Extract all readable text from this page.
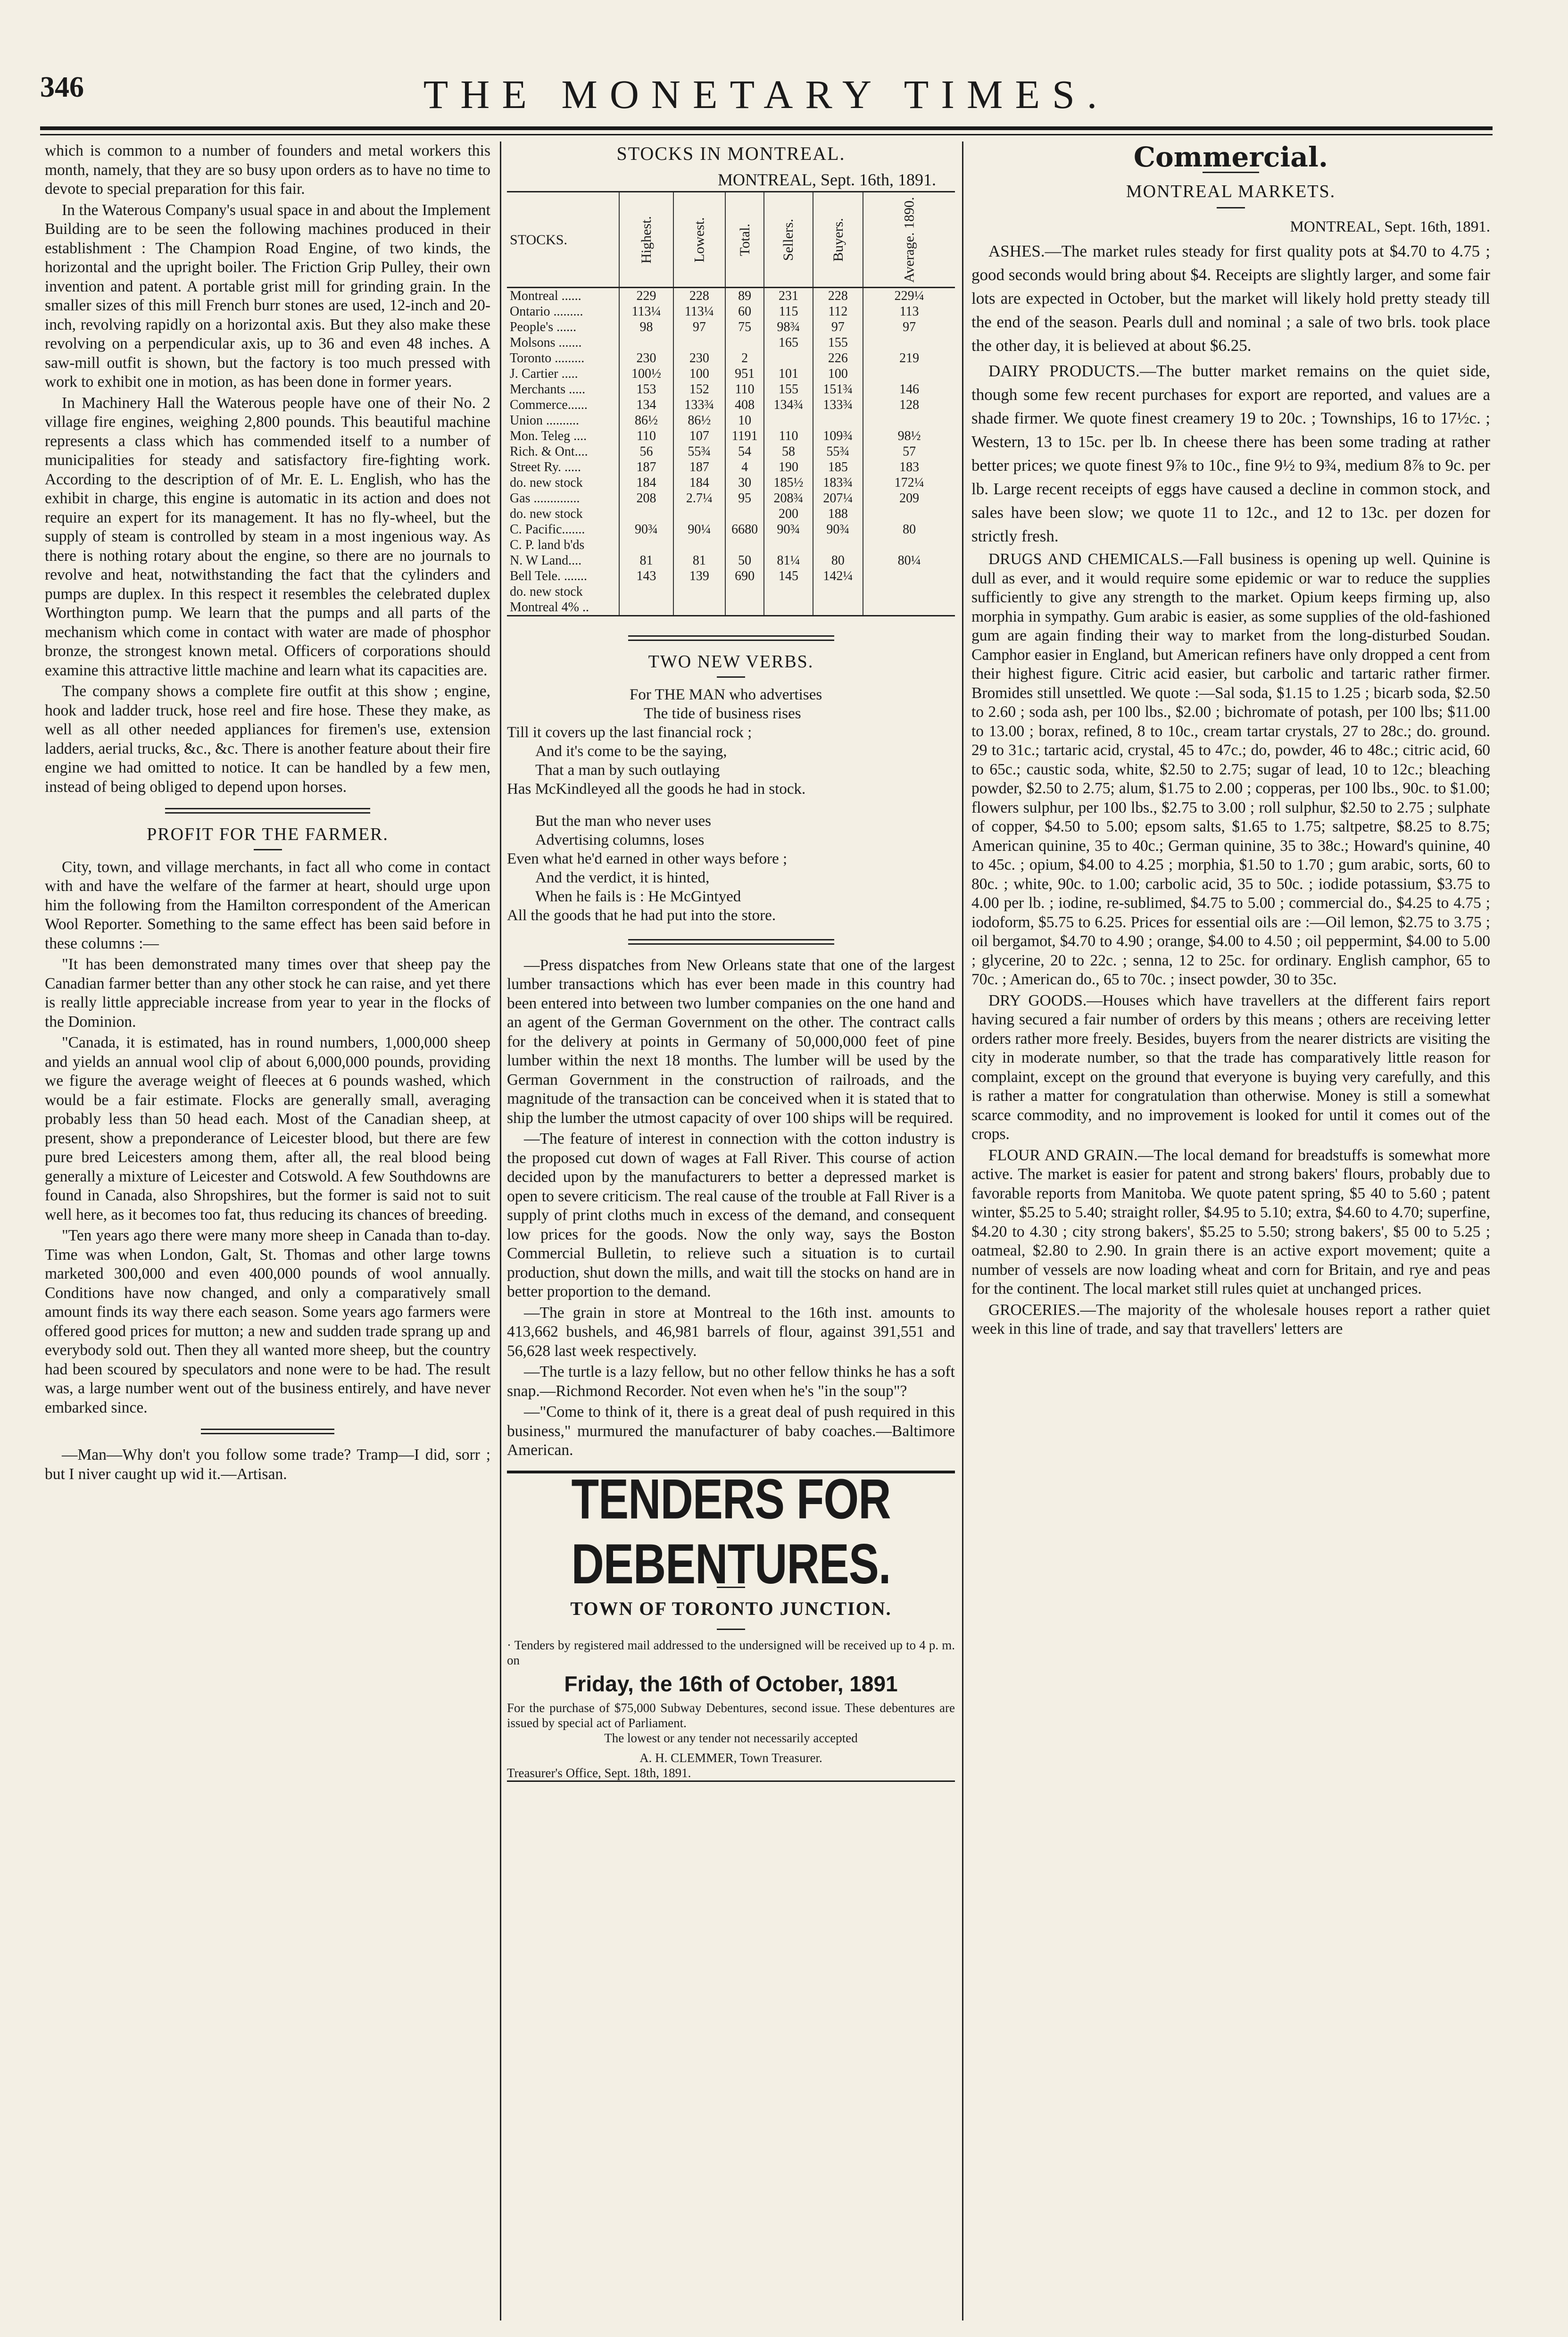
346	THE MONETARY TIMES.

which is common to a number of founders and metal workers this month, namely, that they are so busy upon orders as to have no time to devote to special preparation for this fair.

In the Waterous Company's usual space in and about the Implement Building are to be seen the following machines produced in their establishment : The Champion Road Engine, of two kinds, the horizontal and the upright boiler. The Friction Grip Pulley, their own invention and patent. A portable grist mill for grinding grain. In the smaller sizes of this mill French burr stones are used, 12-inch and 20-inch, revolving rapidly on a horizontal axis. But they also make these revolving on a perpendicular axis, up to 36 and even 48 inches. A saw-mill outfit is shown, but the factory is too much pressed with work to exhibit one in motion, as has been done in former years.

In Machinery Hall the Waterous people have one of their No. 2 village fire engines, weighing 2,800 pounds. This beautiful machine represents a class which has commended itself to a number of municipalities for steady and satisfactory fire-fighting work. According to the description of of Mr. E. L. English, who has the exhibit in charge, this engine is automatic in its action and does not require an expert for its management. It has no fly-wheel, but the supply of steam is controlled by steam in a most ingenious way. As there is nothing rotary about the engine, so there are no journals to revolve and heat, notwithstanding the fact that the cylinders and pumps are duplex. In this respect it resembles the celebrated duplex Worthington pump. We learn that the pumps and all parts of the mechanism which come in contact with water are made of phosphor bronze, the strongest known metal. Officers of corporations should examine this attractive little machine and learn what its capacities are.

The company shows a complete fire outfit at this show ; engine, hook and ladder truck, hose reel and fire hose. These they make, as well as all other needed appliances for firemen's use, extension ladders, aerial trucks, &c., &c. There is another feature about their fire engine we had omitted to notice. It can be handled by a few men, instead of being obliged to depend upon horses.

PROFIT FOR THE FARMER.

City, town, and village merchants, in fact all who come in contact with and have the welfare of the farmer at heart, should urge upon him the following from the Hamilton correspondent of the American Wool Reporter. Something to the same effect has been said before in these columns :—

"It has been demonstrated many times over that sheep pay the Canadian farmer better than any other stock he can raise, and yet there is really little appreciable increase from year to year in the flocks of the Dominion.

"Canada, it is estimated, has in round numbers, 1,000,000 sheep and yields an annual wool clip of about 6,000,000 pounds, providing we figure the average weight of fleeces at 6 pounds washed, which would be a fair estimate. Flocks are generally small, averaging probably less than 50 head each. Most of the Canadian sheep, at present, show a preponderance of Leicester blood, but there are few pure bred Leicesters among them, after all, the real blood being generally a mixture of Leicester and Cotswold. A few Southdowns are found in Canada, also Shropshires, but the former is said not to suit well here, as it becomes too fat, thus reducing its chances of breeding.

"Ten years ago there were many more sheep in Canada than to-day. Time was when London, Galt, St. Thomas and other large towns marketed 300,000 and even 400,000 pounds of wool annually. Conditions have now changed, and only a comparatively small amount finds its way there each season. Some years ago farmers were offered good prices for mutton; a new and sudden trade sprang up and everybody sold out. Then they all wanted more sheep, but the country had been scoured by speculators and none were to be had. The result was, a large number went out of the business entirely, and have never embarked since.

—Man—Why don't you follow some trade? Tramp—I did, sorr ; but I niver caught up wid it.—Artisan.

STOCKS IN MONTREAL.
MONTREAL, Sept. 16th, 1891.
STOCKS.	Highest.	Lowest.	Total.	Sellers.	Buyers.	Average. 1890.
Montreal ......	229	228	89	231	228	229¼
Ontario .........	113¼	113¼	60	115	112	113
People's ......	98	97	75	98¾	97	97
Molsons .......				165	155	
Toronto .........	230	230	2		226	219
J. Cartier .....	100½	100	951	101	100	
Merchants .....	153	152	110	155	151¾	146
Commerce......	134	133¾	408	134¾	133¾	128
Union ..........	86½	86½	10			
Mon. Teleg ....	110	107	1191	110	109¾	98½
Rich. & Ont....	56	55¾	54	58	55¾	57
Street Ry. .....	187	187	4	190	185	183
do. new stock	184	184	30	185½	183¾	172¼
Gas ..............	208	2.7¼	95	208¾	207¼	209
do. new stock				200	188	
C. Pacific.......	90¾	90¼	6680	90¾	90¾	80
C. P. land b'ds						
N. W Land....	81	81	50	81¼	80	80¼
Bell Tele. .......	143	139	690	145	142¼	
do. new stock						
Montreal 4% ..						
TWO NEW VERBS.
For THE MAN who advertises
The tide of business rises
Till it covers up the last financial rock ;
And it's come to be the saying,
That a man by such outlaying
Has McKindleyed all the goods he had in stock.
But the man who never uses
Advertising columns, loses
Even what he'd earned in other ways before ;
And the verdict, it is hinted,
When he fails is : He McGintyed
All the goods that he had put into the store.

—Press dispatches from New Orleans state that one of the largest lumber transactions which has ever been made in this country had been entered into between two lumber companies on the one hand and an agent of the German Government on the other. The contract calls for the delivery at points in Germany of 50,000,000 feet of pine lumber within the next 18 months. The lumber will be used by the German Government in the construction of railroads, and the magnitude of the transaction can be conceived when it is stated that to ship the lumber the utmost capacity of over 100 ships will be required.

—The feature of interest in connection with the cotton industry is the proposed cut down of wages at Fall River. This course of action decided upon by the manufacturers to better a depressed market is open to severe criticism. The real cause of the trouble at Fall River is a supply of print cloths much in excess of the demand, and consequent low prices for the goods. Now the only way, says the Boston Commercial Bulletin, to relieve such a situation is to curtail production, shut down the mills, and wait till the stocks on hand are in better proportion to the demand.

—The grain in store at Montreal to the 16th inst. amounts to 413,662 bushels, and 46,981 barrels of flour, against 391,551 and 56,628 last week respectively.

—The turtle is a lazy fellow, but no other fellow thinks he has a soft snap.—Richmond Recorder. Not even when he's "in the soup"?

—"Come to think of it, there is a great deal of push required in this business," murmured the manufacturer of baby coaches.—Baltimore American.

TENDERS FOR DEBENTURES.
TOWN OF TORONTO JUNCTION.
· Tenders by registered mail addressed to the undersigned will be received up to 4 p. m. on
Friday, the 16th of October, 1891
For the purchase of $75,000 Subway Debentures, second issue. These debentures are issued by special act of Parliament.
The lowest or any tender not necessarily accepted
A. H. CLEMMER, Town Treasurer.
Treasurer's Office, Sept. 18th, 1891.
Commercial.
MONTREAL MARKETS.
MONTREAL, Sept. 16th, 1891.

ASHES.—The market rules steady for first quality pots at $4.70 to 4.75 ; good seconds would bring about $4. Receipts are slightly larger, and some fair lots are expected in October, but the market will likely hold pretty steady till the end of the season. Pearls dull and nominal ; a sale of two brls. took place the other day, it is believed at about $6.25.

DAIRY PRODUCTS.—The butter market remains on the quiet side, though some few recent purchases for export are reported, and values are a shade firmer. We quote finest creamery 19 to 20c. ; Townships, 16 to 17½c. ; Western, 13 to 15c. per lb. In cheese there has been some trading at rather better prices; we quote finest 9⅞ to 10c., fine 9½ to 9¾, medium 8⅞ to 9c. per lb. Large recent receipts of eggs have caused a decline in common stock, and sales have been slow; we quote 11 to 12c., and 12 to 13c. per dozen for strictly fresh.

DRUGS AND CHEMICALS.—Fall business is opening up well. Quinine is dull as ever, and it would require some epidemic or war to reduce the supplies sufficiently to give any strength to the market. Opium keeps firming up, also morphia in sympathy. Gum arabic is easier, as some supplies of the old-fashioned gum are again finding their way to market from the long-disturbed Soudan. Camphor easier in England, but American refiners have only dropped a cent from their highest figure. Citric acid easier, but carbolic and tartaric rather firmer. Bromides still unsettled. We quote :—Sal soda, $1.15 to 1.25 ; bicarb soda, $2.50 to 2.60 ; soda ash, per 100 lbs., $2.00 ; bichromate of potash, per 100 lbs; $11.00 to 13.00 ; borax, refined, 8 to 10c., cream tartar crystals, 27 to 28c.; do. ground. 29 to 31c.; tartaric acid, crystal, 45 to 47c.; do, powder, 46 to 48c.; citric acid, 60 to 65c.; caustic soda, white, $2.50 to 2.75; sugar of lead, 10 to 12c.; bleaching powder, $2.50 to 2.75; alum, $1.75 to 2.00 ; copperas, per 100 lbs., 90c. to $1.00; flowers sulphur, per 100 lbs., $2.75 to 3.00 ; roll sulphur, $2.50 to 2.75 ; sulphate of copper, $4.50 to 5.00; epsom salts, $1.65 to 1.75; saltpetre, $8.25 to 8.75; American quinine, 35 to 40c.; German quinine, 35 to 38c.; Howard's quinine, 40 to 45c. ; opium, $4.00 to 4.25 ; morphia, $1.50 to 1.70 ; gum arabic, sorts, 60 to 80c. ; white, 90c. to 1.00; carbolic acid, 35 to 50c. ; iodide potassium, $3.75 to 4.00 per lb. ; iodine, re-sublimed, $4.75 to 5.00 ; commercial do., $4.25 to 4.75 ; iodoform, $5.75 to 6.25. Prices for essential oils are :—Oil lemon, $2.75 to 3.75 ; oil bergamot, $4.70 to 4.90 ; orange, $4.00 to 4.50 ; oil peppermint, $4.00 to 5.00 ; glycerine, 20 to 22c. ; senna, 12 to 25c. for ordinary. English camphor, 65 to 70c. ; American do., 65 to 70c. ; insect powder, 30 to 35c.

DRY GOODS.—Houses which have travellers at the different fairs report having secured a fair number of orders by this means ; others are receiving letter orders rather more freely. Besides, buyers from the nearer districts are visiting the city in moderate number, so that the trade has comparatively little reason for complaint, except on the ground that everyone is buying very carefully, and this is rather a matter for congratulation than otherwise. Money is still a somewhat scarce commodity, and no improvement is looked for until it comes out of the crops.

FLOUR AND GRAIN.—The local demand for breadstuffs is somewhat more active. The market is easier for patent and strong bakers' flours, probably due to favorable reports from Manitoba. We quote patent spring, $5 40 to 5.60 ; patent winter, $5.25 to 5.40; straight roller, $4.95 to 5.10; extra, $4.60 to 4.70; superfine, $4.20 to 4.30 ; city strong bakers', $5.25 to 5.50; strong bakers', $5 00 to 5.25 ; oatmeal, $2.80 to 2.90. In grain there is an active export movement; quite a number of vessels are now loading wheat and corn for Britain, and rye and peas for the continent. The local market still rules quiet at unchanged prices.

GROCERIES.—The majority of the wholesale houses report a rather quiet week in this line of trade, and say that travellers' letters are
